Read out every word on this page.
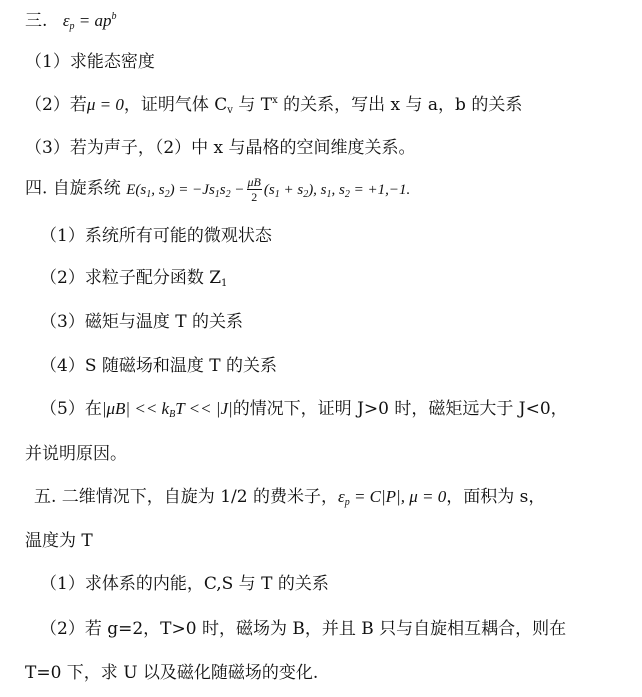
三. $\varepsilon_p = ap^b$
（1）求能态密度
（2）若μ = 0，证明气体 $C_v$ 与 $T^x$ 的关系，写出 x 与 a，b 的关系
（3）若为声子，（2）中 x 与晶格的空间维度关系。
四. 自旋系统 $E(s_1$, $s_2) = -Js_1s_2 - \frac{\mu B}{2} (s_1 + s_2)$, $s_1$, $s_2 = +1,-1$.
（1）系统所有可能的微观状态
（2）求粒子配分函数 $Z_1$
（3）磁矩与温度 T 的关系
（4）S 随磁场和温度 T 的关系
（5）在$|\mu B| << k_BT << |J|$的情况下，证明 J>0 时，磁矩远大于 J<0，
并说明原因。
五. 二维情况下，自旋为 1/2 的费米子，$\varepsilon_p = C|P|$, μ = 0，面积为 s，
温度为 T
（1）求体系的内能，C,S 与 T 的关系
（2）若 g=2，T>0 时，磁场为 B，并且 B 只与自旋相互耦合，则在
T=0 下，求 U 以及磁化随磁场的变化.
